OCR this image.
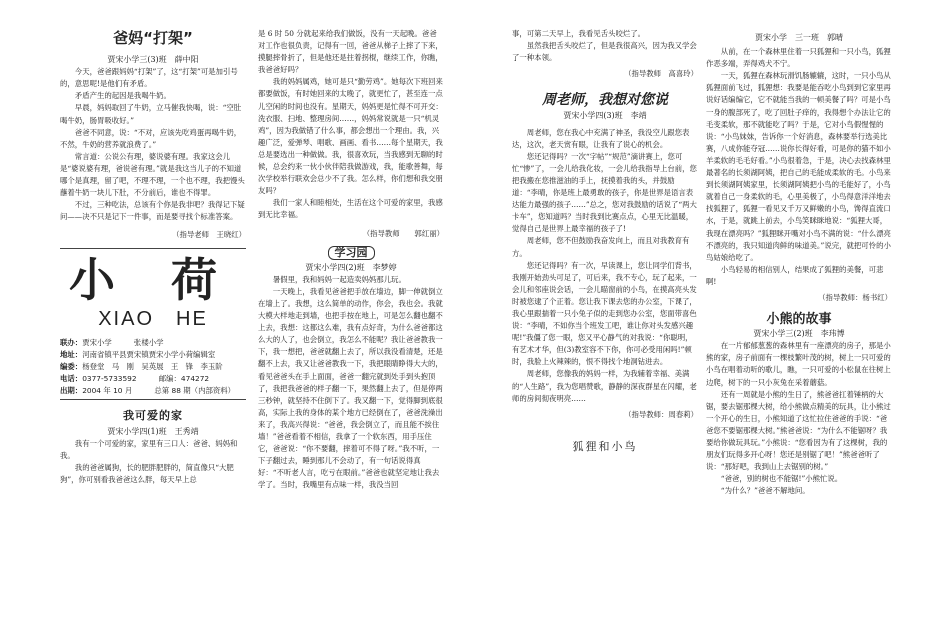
爸妈“打架”
贾宋小学三(3)班　薛中阳

今天，爸爸跟妈妈“打架”了，这“打架”可是加引号的，意思呢!是他们有矛盾。

矛盾产生的起因是我喝牛奶。

早晨，妈妈取回了牛奶，立马催我快喝，说：“空肚喝牛奶，肠胃吸收好。”

爸爸不同意，说：“不对，应该先吃鸡蛋再喝牛奶，不然，牛奶的营养就浪费了。”

常言道：公说公有理，婆说婆有理。我家这会儿是“婆说婆有理，爸说爸有理。”就是我这当儿子的不知道哪个是真理，留了吧，不理不理，一个也不理，我把馒头蘸着牛奶一块儿下肚，不分前后，谁也不得罪。

不过，三种吃法，总该有个你是我非吧？我得记下疑问——决不只是记下一件事，而是要寻找个标准答案。

（指导老师　王晓红）
小 荷
XIAO　HE
联办：贾宋小学　　　张楼小学
地址：河南省镇平县贾宋镇贾宋小学小荷编辑室
编委：杨登堂　马　刚　吴英展　王　锋　李玉阶
电话：0377-5733592　　　邮编：474272
出期：2004 年 10 月　　　总第 88 期（内部资料）
我可爱的家
贾宋小学四(1)班　王秀靖

我有一个可爱的家，家里有三口人：爸爸、妈妈和我。

我的爸爸属狗，长的肥胖肥胖的，简直像只“大肥狗”，你可别看我爸爸这么胖，每天早上总

是 6 时 50 分就起来给我们做饭，没有一天起晚。爸爸对工作也很负责，记得有一回，爸爸从梯子上摔了下来，摸腿摔骨折了，但是他还是拄着拐棍，继续工作，你瞧，我爸爸好吗？

我的妈妈属鸡，她可是只“勤劳鸡”。她每次下班回来都要做饭，有时她回来的太晚了，就更忙了，甚至连一点儿空闲的时间也没有。星期天，妈妈更是忙得不可开交：洗衣服、扫地、整理房间……，妈妈常说就是一只“机灵鸡”，因为我做错了什么事，都会想出一个理由。我，兴趣广泛，爱弹琴、唱歌、画画、看书……每个星期天，我总是要选出一种做做。我，很喜欢玩，当我感到无聊的时候，总会约来一伙小伙伴陪我做游戏，我，能歌善舞，每次学校举行联欢会总少不了我。怎么样，你们想和我交朋友吗？

我们一家人和睦相处，生活在这个可爱的家里，我感到无比幸福。

（指导教师　　郭红丽）
学习园
贾宋小学四(2)班　李梦婷

暑假里，我和妈妈一起造卖妈妈那儿玩。

一天晚上，我看见爸爸把手放在墙边，脚一伸就倒立在墙上了。我想，这么简单的动作，你会，我也会。我就大模大样地走到墙，也把手按在地上，可是怎么翻也翻不上去，我想：这都这么难，我有点好奇，为什么爸爸都这么大的人了，也会倒立，我怎么不能呢？我让爸爸教我一下，我一想把，爸爸就翻上去了，所以我没看清楚，还是翻不上去，我又让爸爸教我一下，我把眼睛睁得大大的，看见爸爸头在手上面面，爸爸一翻完就到处手到头抱顶了，我把我爸爸的样子翻一下，果然翻上去了，但是停两三秒钟，就坚持不住倒下了。我又翻一下，觉得脚到底很高，实际上我的身体的某个地方已经倒在了，爸爸洗澡出来了，我高兴得说：“爸爸，我会倒立了，而且能不挨住墙！”爸爸看着不相信，我拿了一个软东西，用手压住它，爸爸说：“你不要翻，摔着可不得了呀。”我不听，一下子翻过去，睡到那儿不会动了，有一句话说得真好：“不听老人言，吃亏在眼前。”爸爸也就坚定地让我去学了。当时，我嘴里有点味一样，我没当回

事，可第二天早上，我看见舌头咬烂了。

虽然我把舌头咬烂了，但是我很高兴，因为我又学会了一种本领。

（指导教师　高喜玲）
周老师，我想对您说
贾宋小学四(3)班　李靖

周老师，您在我心中充满了神圣，我没空儿跟您表达，这次，老天赏有眼，让我有了说心的机会。

您还记得吗？一次“字帖”“规范”滴讲赛上，您可忙“惨”了，一会儿给我化妆，一会儿给我指导上台前，您把我搬在您推滋油的手上，抚摸着我的头，并鼓励道：“李晴，你是班上最勇敢的孩子，你是世界是语言表达能力最强的孩子……”总之，您对我鼓励的话说了“两大卡车”，您知道吗？当时我到比赛点点，心里无比温暖，觉得自己是世界上最幸福的孩子了!

周老师，您不但鼓励我奋发向上，而且对我教育有方。

您还记得吗？有一次，早读课上，您让同学们背书，我刚开始劲头可足了，可后来，我不专心，玩了起来，一会儿和邻座说会话，一会儿瞄窗前的小鸟，在摸高亮头发时被您逮了个正着。您让我下课去您的办公室，下课了，我心里跟揣着一只小兔子似的走到您办公室，您面带喜色说：“李晴，不如你当个班发工吧，谁让你对头发感兴趣呢!”我僵了您一眼，您又平心静气的对我说：“你聪明，有艺术才华，但(3)教室容不下你，你可必受用闲吗!”顿时，我脸上火辣辣的，恨不得找个地洞钻进去。

周老师，您像我的妈妈一样，为我辅着幸福、美满的“人生路”，我为您唱赞歌，静静的深夜群星在闪耀，老师的房间彻夜明亮……

（指导教师：周春莉）
狐狸和小鸟
贾宋小学　三一班　郭晴

从前，在一个森林里住着一只狐狸和一只小鸟，狐狸作恶多端，弄得鸡犬不宁。

一天，狐狸在森林玩滑饥肠辘辘，这时，一只小鸟从狐狸面前飞过，狐狸想：我要是能吞吃小鸟到到它家里再说好话编编它，它不就能当我的一顿美餐了吗？可是小鸟一身的腹部死了，吃了回肚子痒的，我得想个办法让它的毛变柔软，那不就能吃了吗？于是，它对小鸟假惺惺的说：“小鸟妹妹，告诉你一个好消息，森林要举行选美比赛，八成你能夺冠……说你长得好看，可是你的猫不如小羊柔软的毛毛好看。”小鸟很着急，于是，决心去找森林里最著名的长须湖阿姨，把自己的毛能成柔软的毛。小鸟来到长须湖阿姨家里，长须湖阿姨把小鸟的毛能好了，小鸟就着自己一身柔软的毛，心里美极了，小鸟得意洋洋地去找狐狸了，狐狸一看见又千万又鲜嫩的小鸟，馋得直流口水，于是，就跳上前去，小鸟笑眯眯地说：“狐狸大哥，我现在漂亮吗？”狐狸眯开嘴对小鸟不满的说：“什么漂亮不漂亮的，我只知道肉鲜的味道美。”说完，就把可怜的小鸟姑娘给吃了。

小鸟轻易的相信别人，结果成了狐狸的美餐，可悲啊!

（指导教师：杨书红）
小熊的故事
贾宋小学三(2)班　李玮博

在一片郁郁葱葱的森林里有一座漂亮的房子，那是小熊的家，房子前面有一棵枝繁叶茂的树，树上一只可爱的小鸟在唱着动听的歌儿，瞧，一只可爱的小松鼠在往树上边爬，树下的一只小灰兔在采着蘑菇。

还有一周就是小熊的生日了，熊爸爸扛着锤柄的大锯，要去锯那棵大树，给小熊做点精美的玩具，让小熊过一个开心的生日，小熊知道了这忙拉住爸爸的手说：“爸爸您不要锯那棵大树。”熊爸爸说：“为什么不能锯呀？我要给你做玩具玩。”小熊说：“您看因为有了这棵树，我的朋友们玩得多开心呀！您还是别锯了吧！”熊爸爸听了说：“那好吧，我到山上去锯别的树。”

“爸爸，别的树也不能锯!”小熊忙说。

“为什么？”爸爸不解地问。
